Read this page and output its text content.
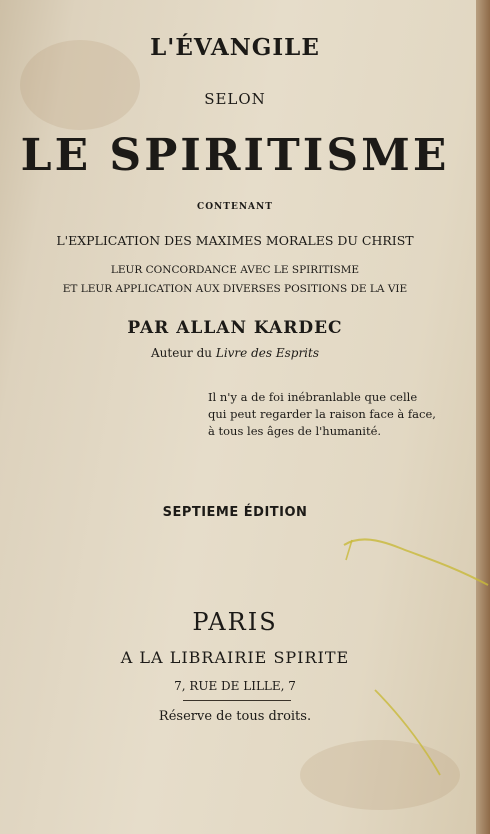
L'ÉVANGILE
SELON
LE SPIRITISME
CONTENANT
L'EXPLICATION DES MAXIMES MORALES DU CHRIST
LEUR CONCORDANCE AVEC LE SPIRITISME
ET LEUR APPLICATION AUX DIVERSES POSITIONS DE LA VIE
PAR ALLAN KARDEC
Auteur du Livre des Esprits
Il n'y a de foi inébranlable que celle
qui peut regarder la raison face à face,
à tous les âges de l'humanité.
SEPTIEME ÉDITION
PARIS
A LA LIBRAIRIE SPIRITE
7, RUE DE LILLE, 7
Réserve de tous droits.
